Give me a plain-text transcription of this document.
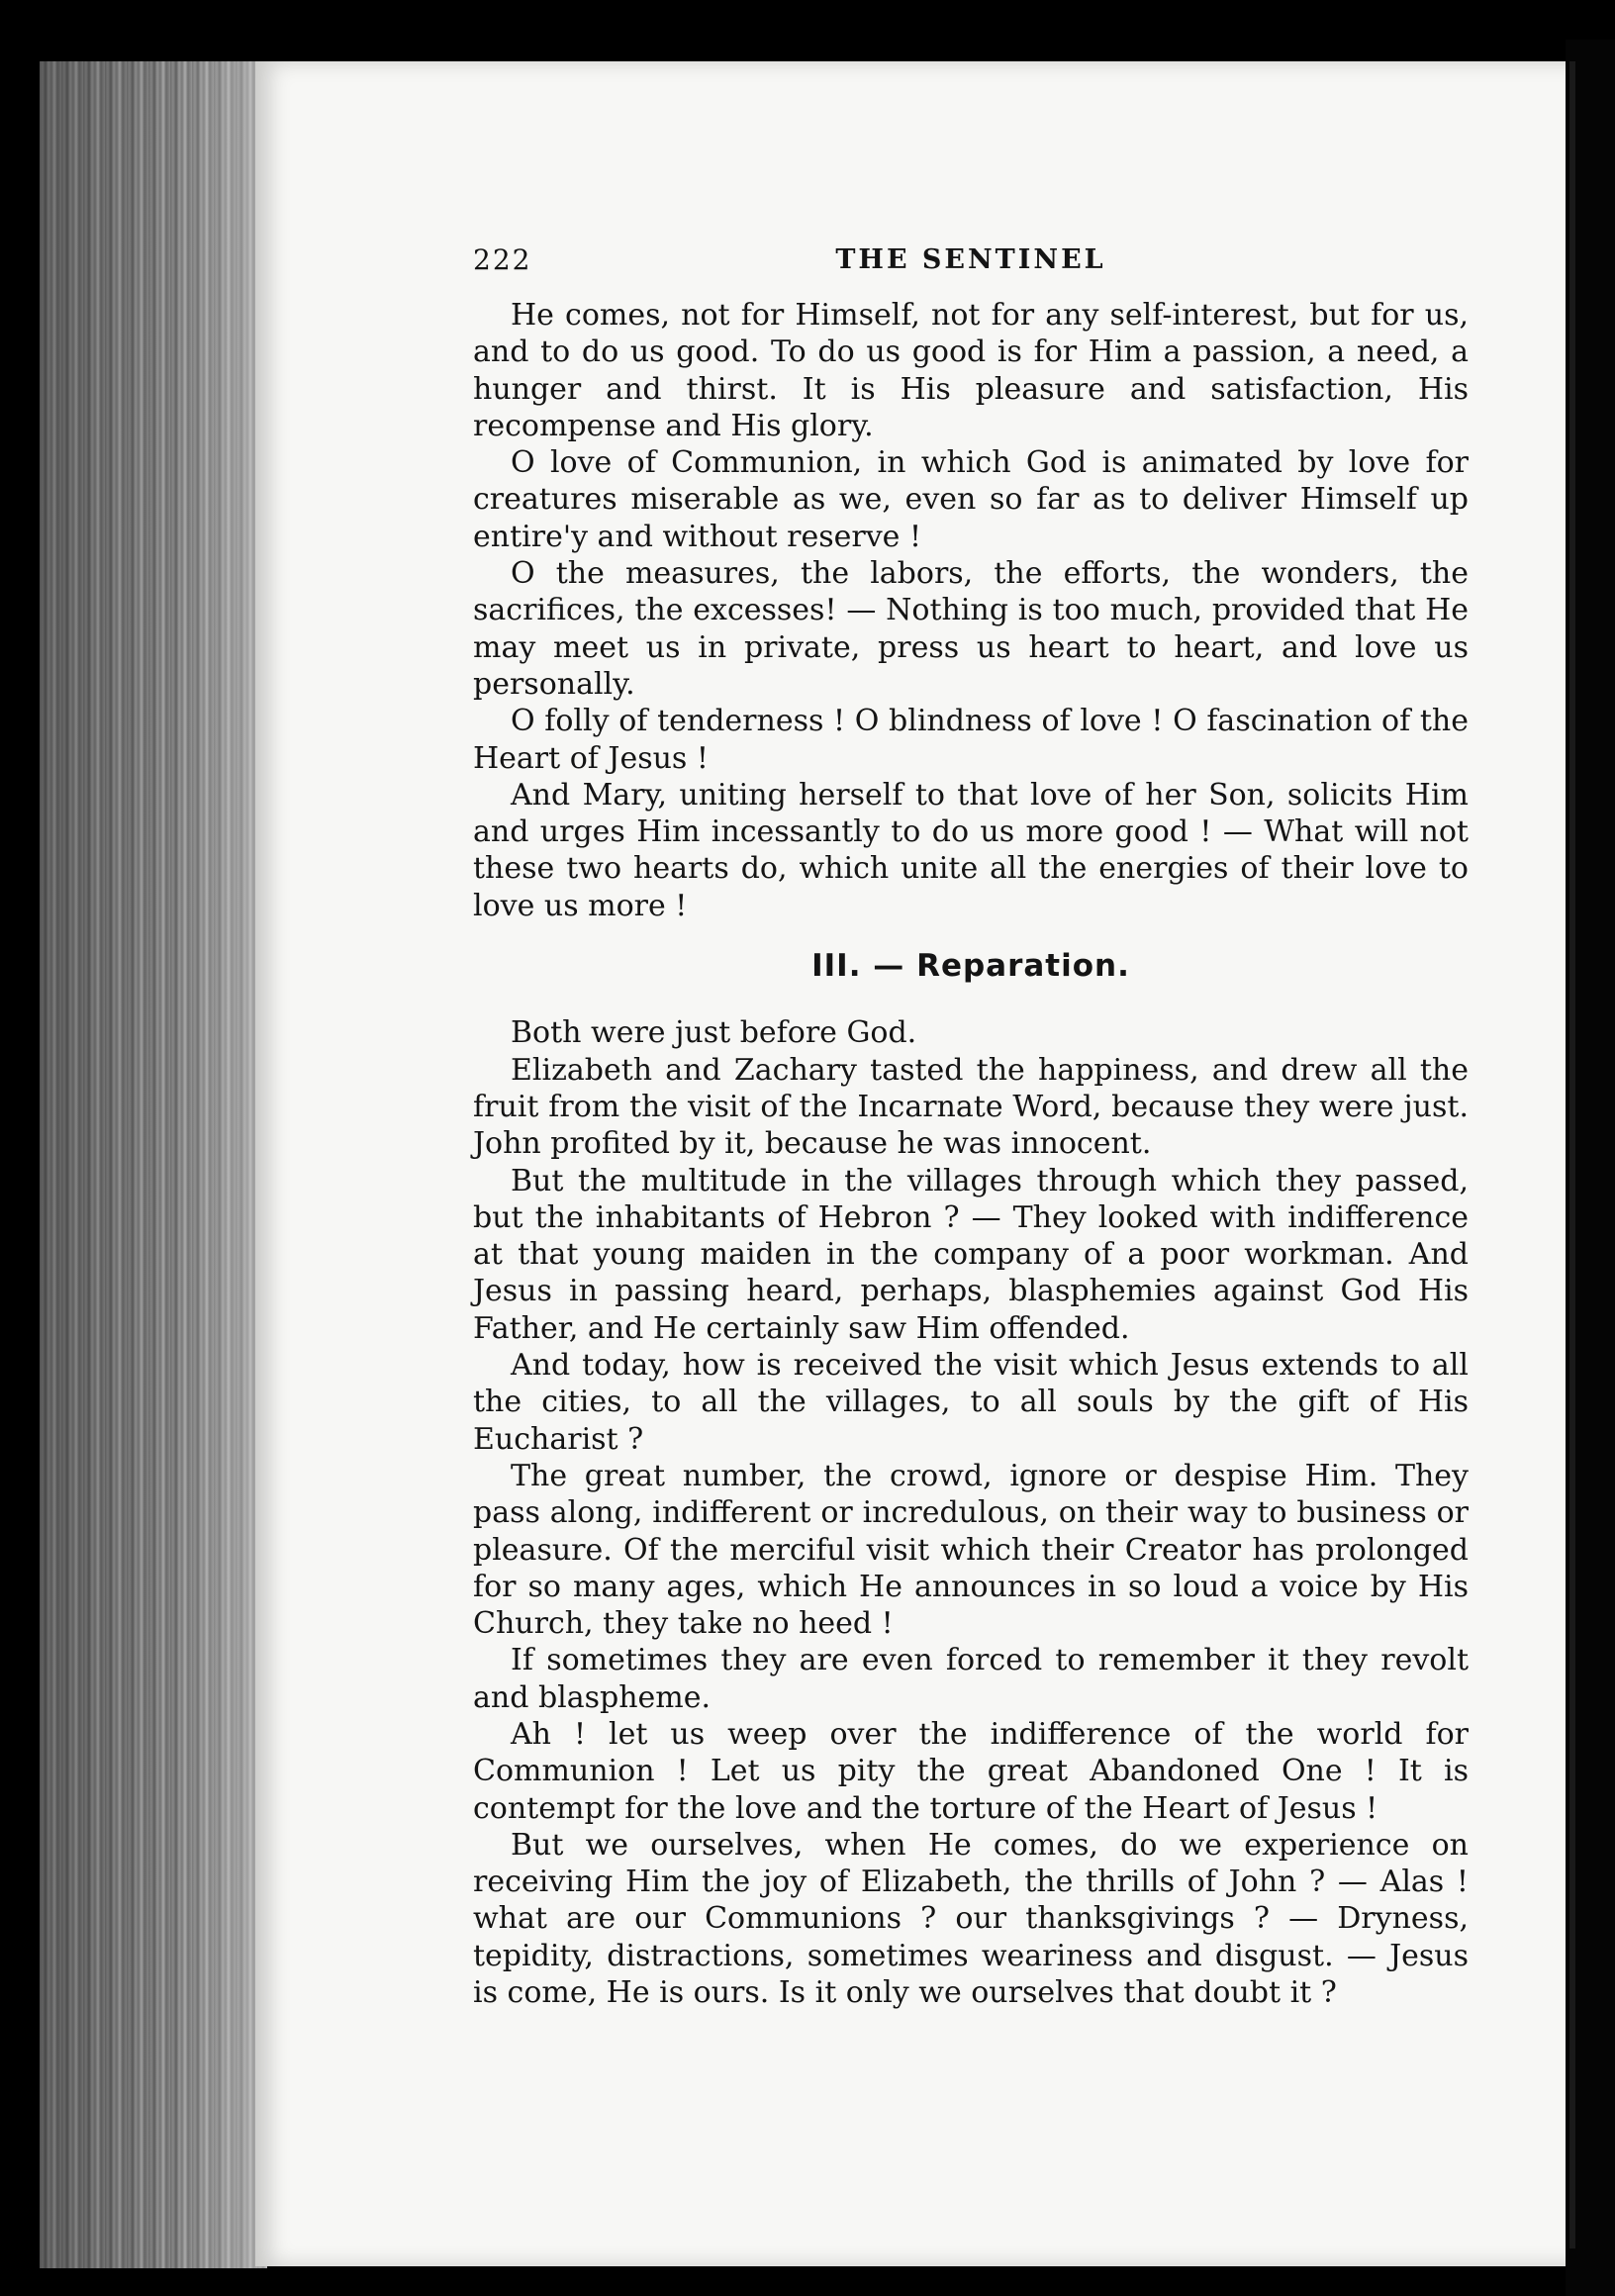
222	THE SENTINEL

He comes, not for Himself, not for any self-interest, but for us, and to do us good. To do us good is for Him a passion, a need, a hunger and thirst. It is His pleasure and satisfaction, His recompense and His glory.

O love of Communion, in which God is animated by love for creatures miserable as we, even so far as to deliver Himself up entire'y and without reserve !

O the measures, the labors, the efforts, the wonders, the sacrifices, the excesses! — Nothing is too much, provided that He may meet us in private, press us heart to heart, and love us personally.

O folly of tenderness ! O blindness of love ! O fascination of the Heart of Jesus !

And Mary, uniting herself to that love of her Son, solicits Him and urges Him incessantly to do us more good ! — What will not these two hearts do, which unite all the energies of their love to love us more !

III. — Reparation.

Both were just before God.

Elizabeth and Zachary tasted the happiness, and drew all the fruit from the visit of the Incarnate Word, because they were just. John profited by it, because he was innocent.

But the multitude in the villages through which they passed, but the inhabitants of Hebron ? — They looked with indifference at that young maiden in the company of a poor workman. And Jesus in passing heard, perhaps, blasphemies against God His Father, and He certainly saw Him offended.

And today, how is received the visit which Jesus extends to all the cities, to all the villages, to all souls by the gift of His Eucharist ?

The great number, the crowd, ignore or despise Him. They pass along, indifferent or incredulous, on their way to business or pleasure. Of the merciful visit which their Creator has prolonged for so many ages, which He announces in so loud a voice by His Church, they take no heed !

If sometimes they are even forced to remember it they revolt and blaspheme.

Ah ! let us weep over the indifference of the world for Communion ! Let us pity the great Abandoned One ! It is contempt for the love and the torture of the Heart of Jesus !

But we ourselves, when He comes, do we experience on receiving Him the joy of Elizabeth, the thrills of John ? — Alas ! what are our Communions ? our thanksgivings ? — Dryness, tepidity, distractions, sometimes weariness and disgust. — Jesus is come, He is ours. Is it only we ourselves that doubt it ?
